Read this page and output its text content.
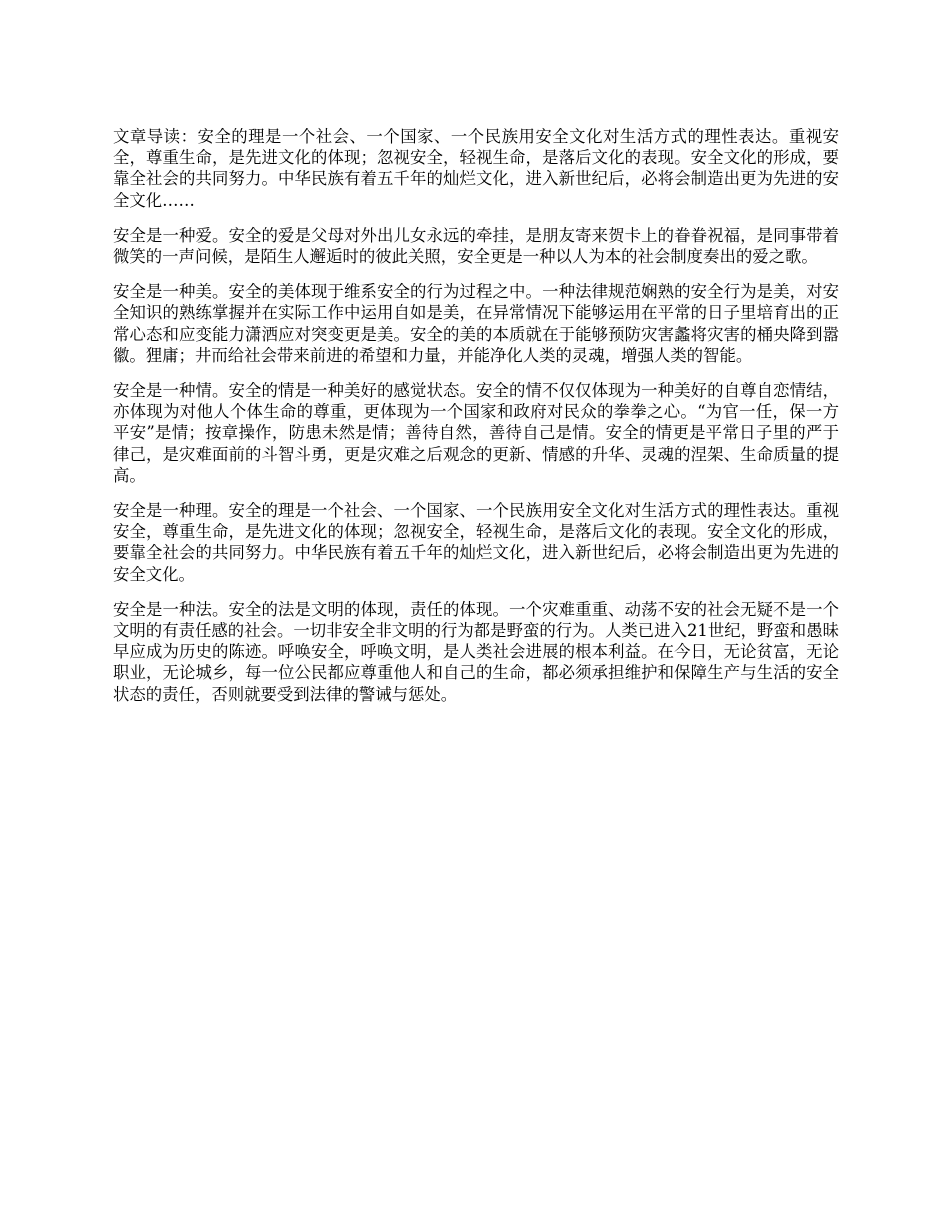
文章导读：安全的理是一个社会、一个国家、一个民族用安全文化对生活方式的理性表达。重视安全，尊重生命，是先进文化的体现；忽视安全，轻视生命，是落后文化的表现。安全文化的形成，要靠全社会的共同努力。中华民族有着五千年的灿烂文化，进入新世纪后，必将会制造出更为先进的安全文化……

安全是一种爱。安全的爱是父母对外出儿女永远的牵挂，是朋友寄来贺卡上的眷眷祝福，是同事带着微笑的一声问候，是陌生人邂逅时的彼此关照，安全更是一种以人为本的社会制度奏出的爱之歌。

安全是一种美。安全的美体现于维系安全的行为过程之中。一种法律规范娴熟的安全行为是美，对安全知识的熟练掌握并在实际工作中运用自如是美，在异常情况下能够运用在平常的日子里培育出的正常心态和应变能力潇洒应对突变更是美。安全的美的本质就在于能够预防灾害蠡将灾害的桶央降到嚣徽。狸庸；井而给社会带来前进的希望和力量，并能净化人类的灵魂，增强人类的智能。

安全是一种情。安全的情是一种美好的感觉状态。安全的情不仅仅体现为一种美好的自尊自恋情结，亦体现为对他人个体生命的尊重，更体现为一个国家和政府对民众的拳拳之心。“为官一任，保一方平安”是情；按章操作，防患未然是情；善待自然，善待自己是情。安全的情更是平常日子里的严于律己，是灾难面前的斗智斗勇，更是灾难之后观念的更新、情感的升华、灵魂的涅架、生命质量的提高。

安全是一种理。安全的理是一个社会、一个国家、一个民族用安全文化对生活方式的理性表达。重视安全，尊重生命，是先进文化的体现；忽视安全，轻视生命，是落后文化的表现。安全文化的形成，要靠全社会的共同努力。中华民族有着五千年的灿烂文化，进入新世纪后，必将会制造出更为先进的安全文化。

安全是一种法。安全的法是文明的体现，责任的体现。一个灾难重重、动荡不安的社会无疑不是一个文明的有责任感的社会。一切非安全非文明的行为都是野蛮的行为。人类已进入21世纪，野蛮和愚昧早应成为历史的陈迹。呼唤安全，呼唤文明，是人类社会进展的根本利益。在今日，无论贫富，无论职业，无论城乡，每一位公民都应尊重他人和自己的生命，都必须承担维护和保障生产与生活的安全状态的责任，否则就要受到法律的警诫与惩处。
